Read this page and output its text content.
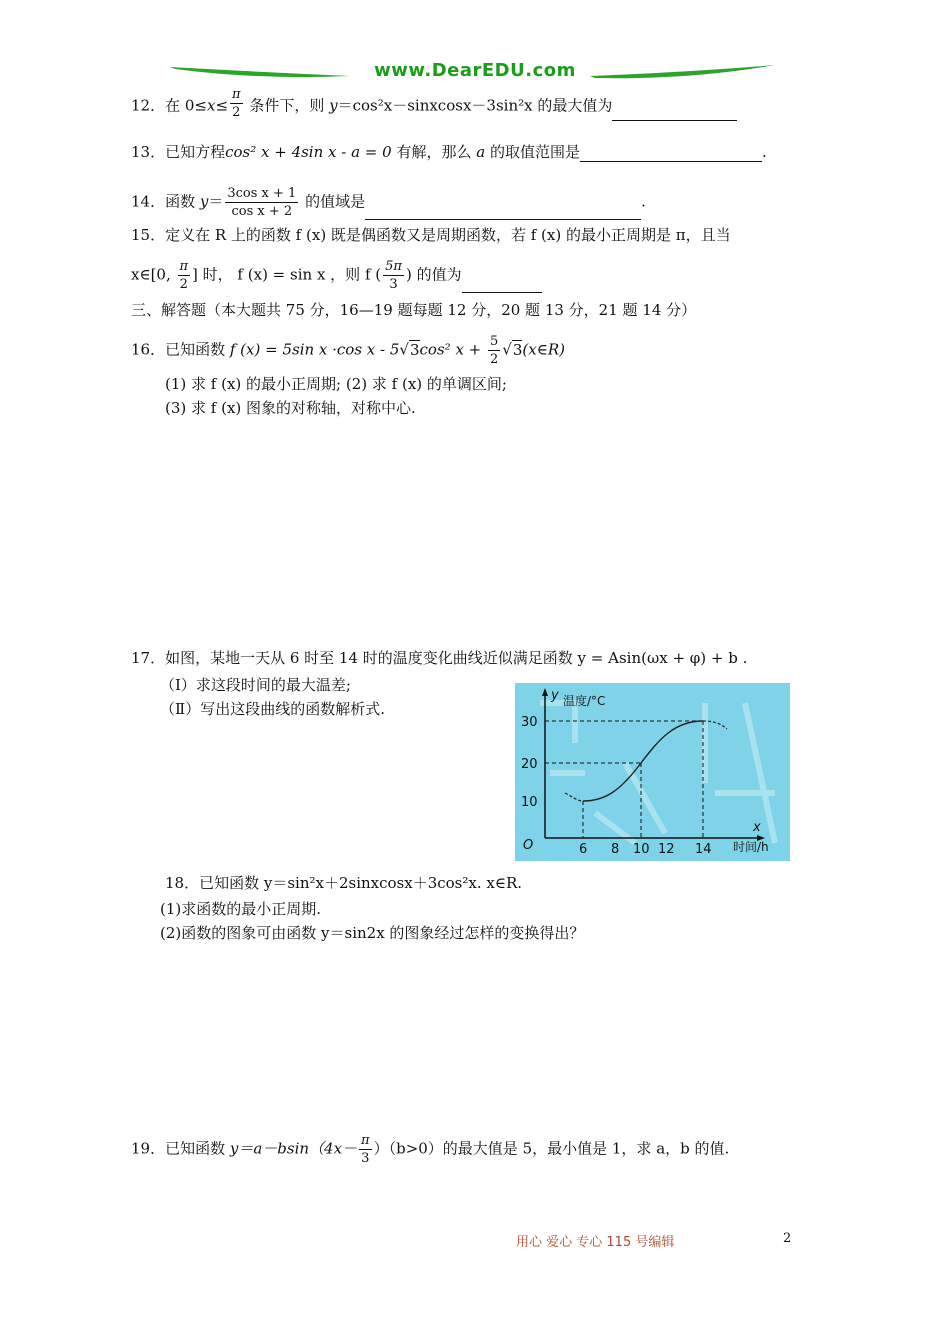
www.DearEDU.com
12．在 $0\le x\le \frac{\pi}{2}$ 条件下，则 y＝cos²x－sinxcosx－3sin²x 的最大值为
13．已知方程cos² x + 4sin x - a = 0 有解，那么 a 的取值范围是	.
14．函数 $y= \frac{\text{3cos x + 1}}{\text{cos x + 2}}$ 的值域是	.
15．定义在 R 上的函数 f (x) 既是偶函数又是周期函数，若 f (x) 的最小正周期是 π，且当
x∈[0, $\frac{\pi}{2}$ ] 时， f (x) = sin x ，则 f ( $\frac{5\pi}{3}$ ) 的值为
三、解答题（本大题共 75 分，16—19 题每题 12 分，20 题 13 分，21 题 14 分）
16．已知函数 f (x) = 5sin x ·cos x - 5√3cos² $x + \frac{5}{2}$ √3(x∈R)
(1) 求 f (x) 的最小正周期; (2) 求 f (x) 的单调区间;
(3) 求 f (x) 图象的对称轴，对称中心.
17．如图，某地一天从 6 时至 14 时的温度变化曲线近似满足函数 y = Asin(ωx + φ) + b .
（Ⅰ）求这段时间的最大温差;
（Ⅱ）写出这段曲线的函数解析式.
30
20
10
O	6 8 10 12 14
y 温度/°C
x
时间/h
18．已知函数 y＝sin²x＋2sinxcosx＋3cos²x. x∈R.
(1)求函数的最小正周期.
(2)函数的图象可由函数 y＝sin2x 的图象经过怎样的变换得出？
19．已知函数 $y=a-bsin(4x- \frac{\pi}{3} )(b>0)$的最大值是 5，最小值是 1，求 a，b 的值.
用心 爱心 专心 115 号编辑	2
